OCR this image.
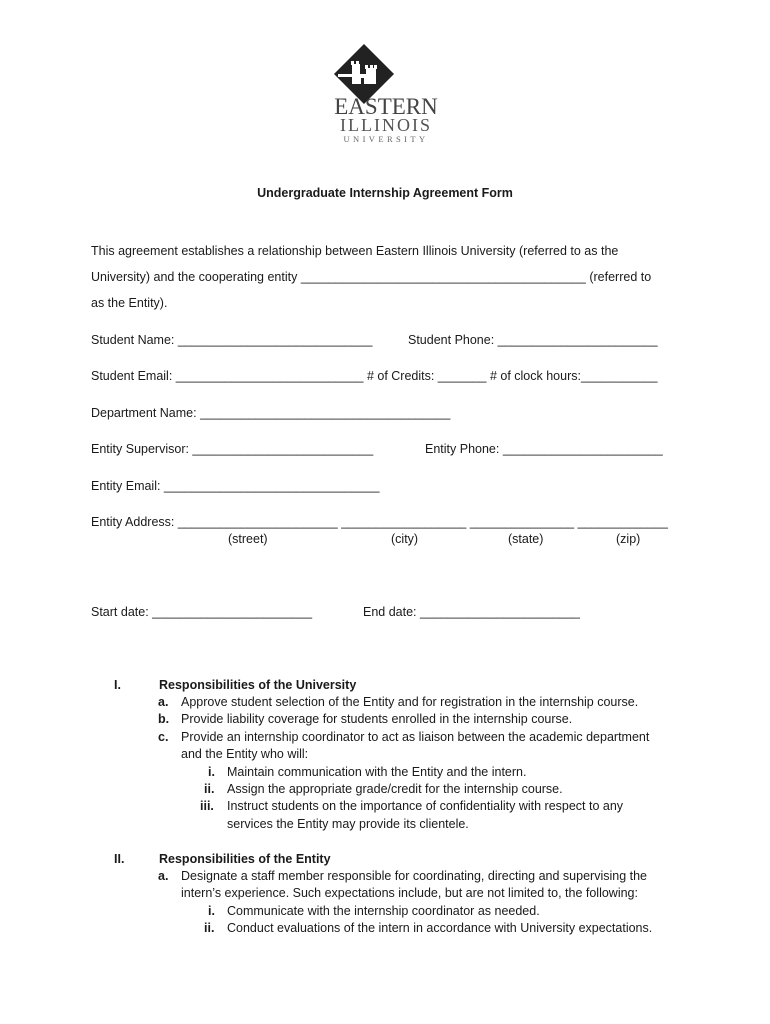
EASTERN
ILLINOIS
UNIVERSITY
Undergraduate Internship Agreement Form
This agreement establishes a relationship between Eastern Illinois University (referred to as the
University) and the cooperating entity _________________________________________ (referred to
as the Entity).
Student Name: ____________________________	Student Phone: _______________________
Student Email: ___________________________ # of Credits: _______ # of clock hours:___________
Department Name: ____________________________________
Entity Supervisor: __________________________	Entity Phone: _______________________
Entity Email: _______________________________
Entity Address: _______________________ __________________ _______________ _____________
(street)	(city)	(state)	(zip)
Start date: _______________________	End date: _______________________
I.	Responsibilities of the University
a. Approve student selection of the Entity and for registration in the internship course.
b. Provide liability coverage for students enrolled in the internship course.
c. Provide an internship coordinator to act as liaison between the academic department
and the Entity who will:
i. Maintain communication with the Entity and the intern.
ii. Assign the appropriate grade/credit for the internship course.
iii. Instruct students on the importance of confidentiality with respect to any
services the Entity may provide its clientele.
II.	Responsibilities of the Entity
a. Designate a staff member responsible for coordinating, directing and supervising the
intern’s experience. Such expectations include, but are not limited to, the following:
i. Communicate with the internship coordinator as needed.
ii. Conduct evaluations of the intern in accordance with University expectations.
